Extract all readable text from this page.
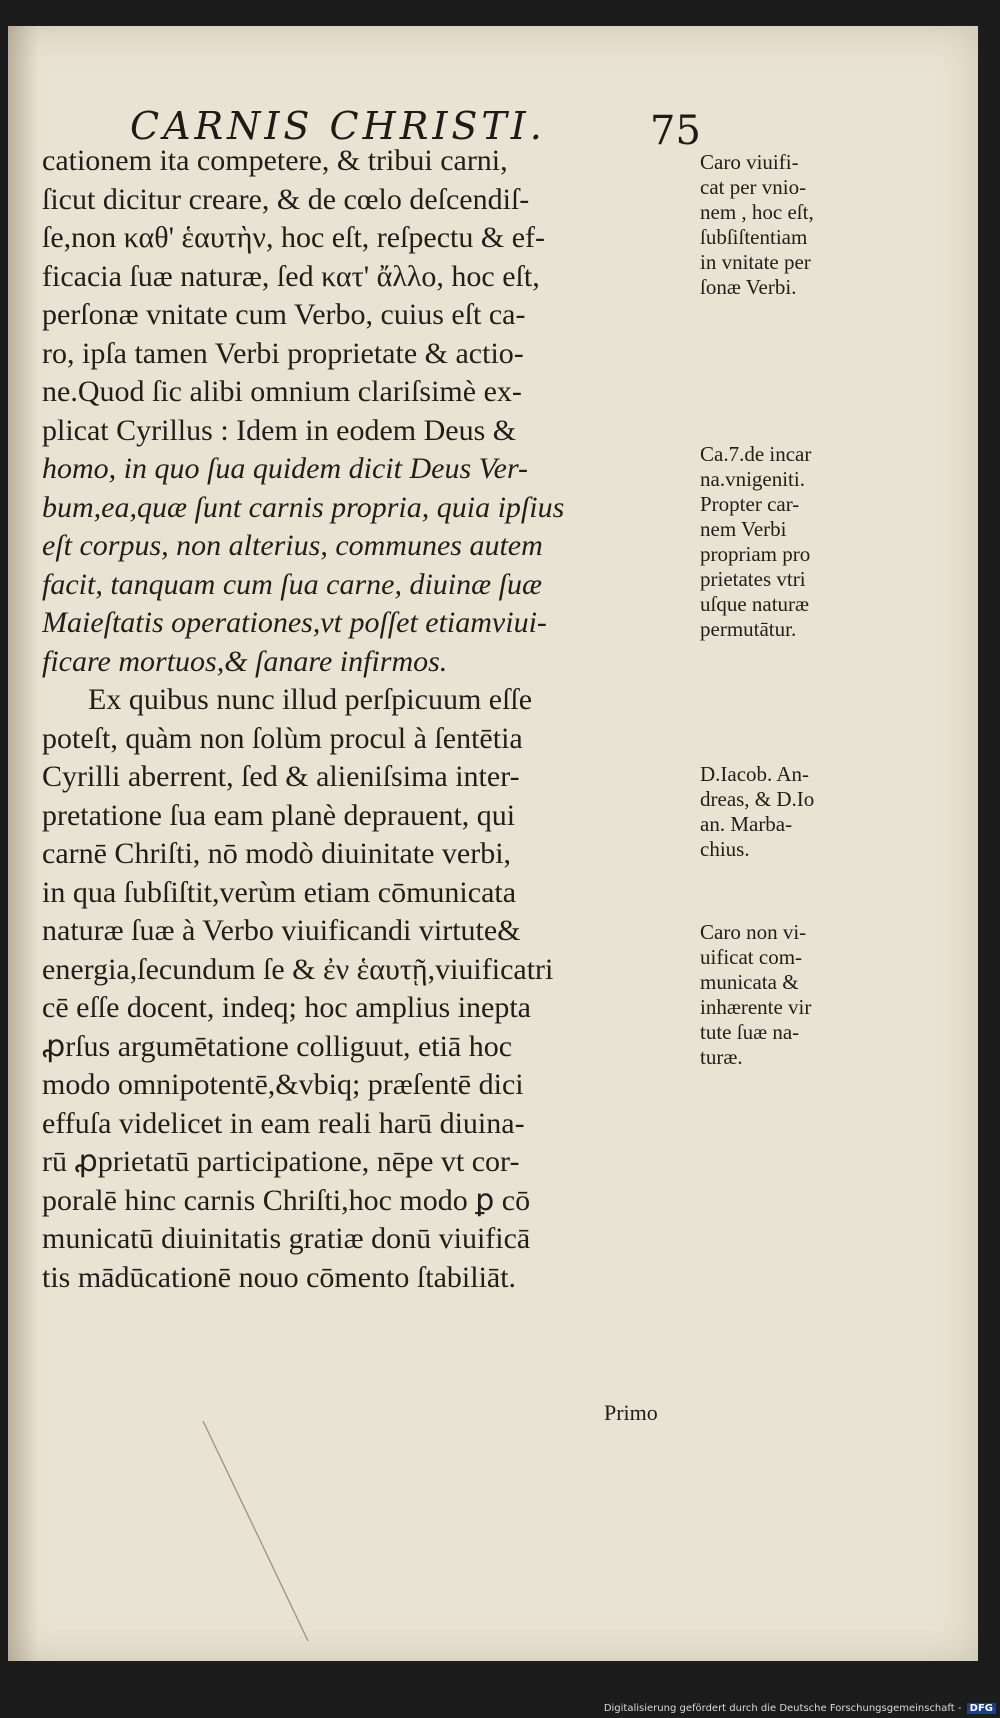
CARNIS CHRISTI.	75
cationem ita competere, & tribui carni,
ſicut dicitur creare, & de cœlo deſcendiſ-
ſe,non καθ' ἑαυτὴν, hoc eſt, reſpectu & ef-
ficacia ſuæ naturæ, ſed κατ' ἄλλο, hoc eſt,
perſonæ vnitate cum Verbo, cuius eſt ca-
ro, ipſa tamen Verbi proprietate & actio-
ne.Quod ſic alibi omnium clariſsimè ex-
plicat Cyrillus : Idem in eodem Deus &
homo, in quo ſua quidem dicit Deus Ver-
bum,ea,quæ ſunt carnis propria, quia ipſius
eſt corpus, non alterius, communes autem
facit, tanquam cum ſua carne, diuinæ ſuæ
Maieſtatis operationes,vt poſſet etiamviui-
ficare mortuos,& ſanare infirmos.
Ex quibus nunc illud perſpicuum eſſe
poteſt, quàm non ſolùm procul à ſentētia
Cyrilli aberrent, ſed & alieniſsima inter-
pretatione ſua eam planè deprauent, qui
carnē Chriſti, nō modò diuinitate verbi,
in qua ſubſiſtit,verùm etiam cōmunicata
naturæ ſuæ à Verbo viuificandi virtute&
energia,ſecundum ſe & ἐν ἑαυτῇ,viuificatri
cē eſſe docent, indeq; hoc amplius inepta
ꝓrſus argumētatione colliguut, etiā hoc
modo omnipotentē,&vbiq; præſentē dici
effuſa videlicet in eam reali harū diuina-
rū ꝓprietatū participatione, nēpe vt cor-
poralē hinc carnis Chriſti,hoc modo ꝑ cō
municatū diuinitatis gratiæ donū viuificā
tis mādūcationē nouo cōmento ſtabiliāt.
Caro viuifi-
cat per vnio-
nem , hoc eſt,
ſubſiſtentiam
in vnitate per
ſonæ Verbi.
Ca.7.de incar
na.vnigeniti.
Propter car-
nem Verbi
propriam pro
prietates vtri
uſque naturæ
permutātur.
D.Iacob. An-
dreas, & D.Io
an. Marba-
chius.
Caro non vi-
uificat com-
municata &
inhærente vir
tute ſuæ na-
turæ.
Primo
Digitalisierung gefördert durch die Deutsche Forschungsgemeinschaft - DFG
